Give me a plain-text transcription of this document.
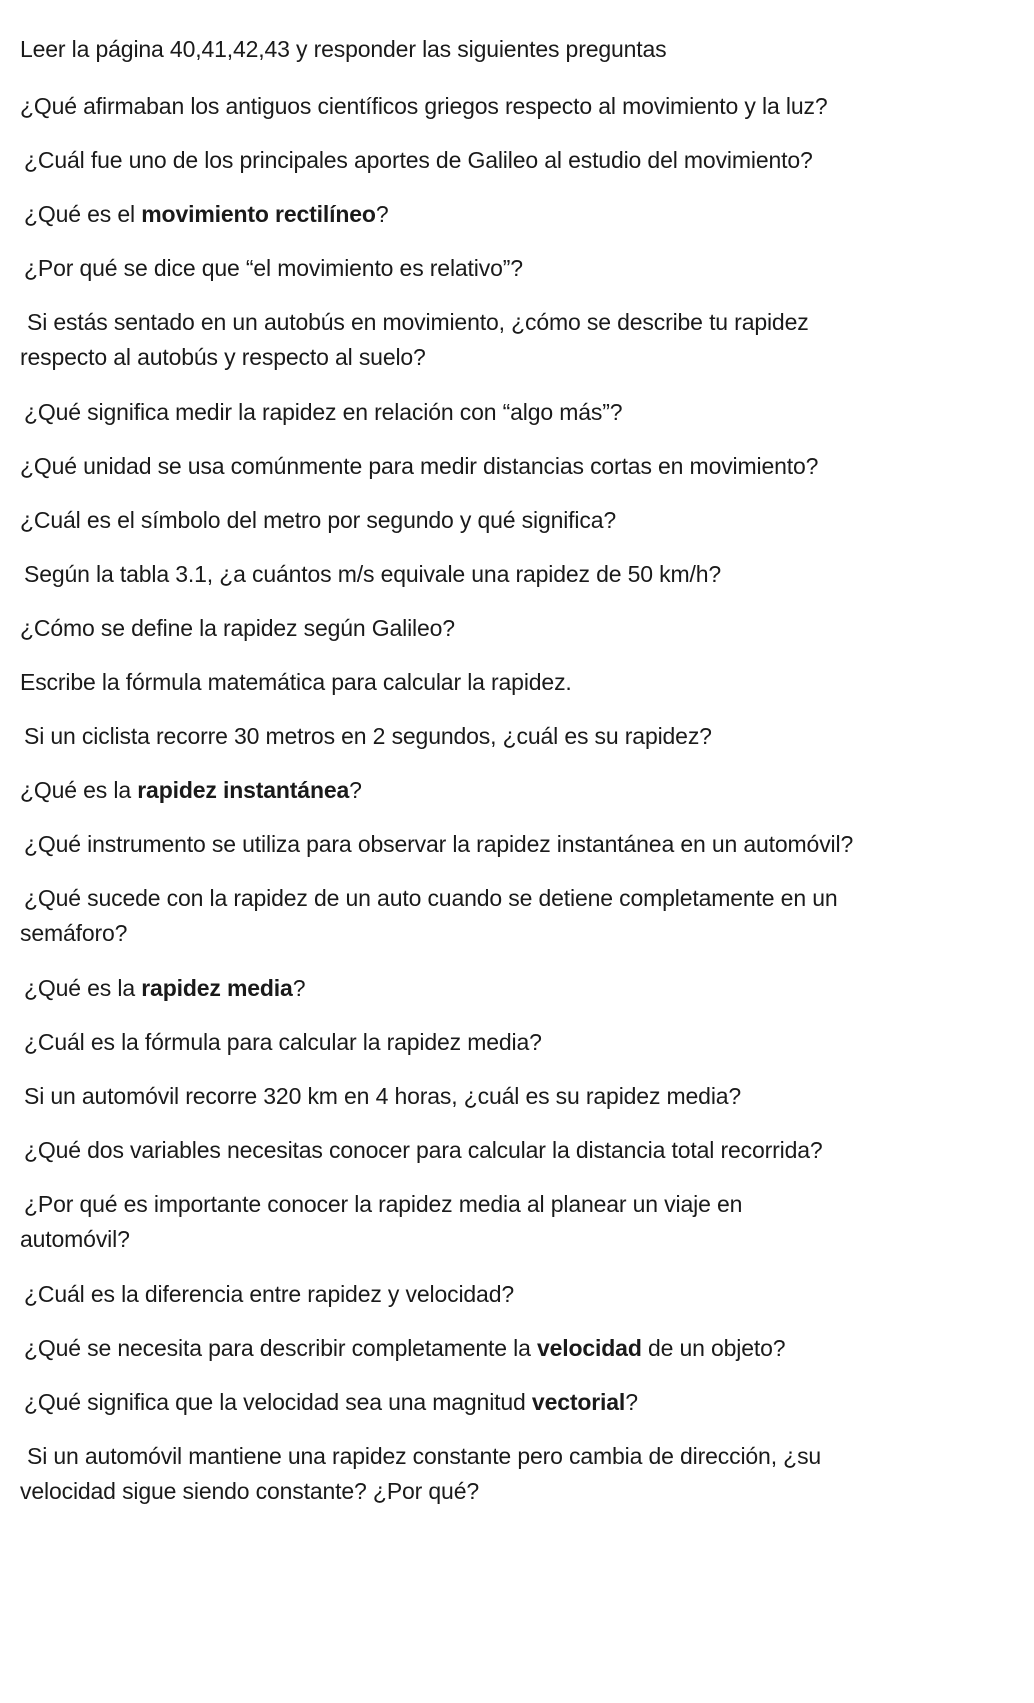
Leer la página 40,41,42,43 y responder las siguientes preguntas
¿Qué afirmaban los antiguos científicos griegos respecto al movimiento y la luz?
¿Cuál fue uno de los principales aportes de Galileo al estudio del movimiento?
¿Qué es el movimiento rectilíneo?
¿Por qué se dice que “el movimiento es relativo”?
Si estás sentado en un autobús en movimiento, ¿cómo se describe tu rapidez
respecto al autobús y respecto al suelo?
¿Qué significa medir la rapidez en relación con “algo más”?
¿Qué unidad se usa comúnmente para medir distancias cortas en movimiento?
¿Cuál es el símbolo del metro por segundo y qué significa?
Según la tabla 3.1, ¿a cuántos m/s equivale una rapidez de 50 km/h?
¿Cómo se define la rapidez según Galileo?
Escribe la fórmula matemática para calcular la rapidez.
Si un ciclista recorre 30 metros en 2 segundos, ¿cuál es su rapidez?
¿Qué es la rapidez instantánea?
¿Qué instrumento se utiliza para observar la rapidez instantánea en un automóvil?
¿Qué sucede con la rapidez de un auto cuando se detiene completamente en un
semáforo?
¿Qué es la rapidez media?
¿Cuál es la fórmula para calcular la rapidez media?
Si un automóvil recorre 320 km en 4 horas, ¿cuál es su rapidez media?
¿Qué dos variables necesitas conocer para calcular la distancia total recorrida?
¿Por qué es importante conocer la rapidez media al planear un viaje en
automóvil?
¿Cuál es la diferencia entre rapidez y velocidad?
¿Qué se necesita para describir completamente la velocidad de un objeto?
¿Qué significa que la velocidad sea una magnitud vectorial?
Si un automóvil mantiene una rapidez constante pero cambia de dirección, ¿su
velocidad sigue siendo constante? ¿Por qué?
